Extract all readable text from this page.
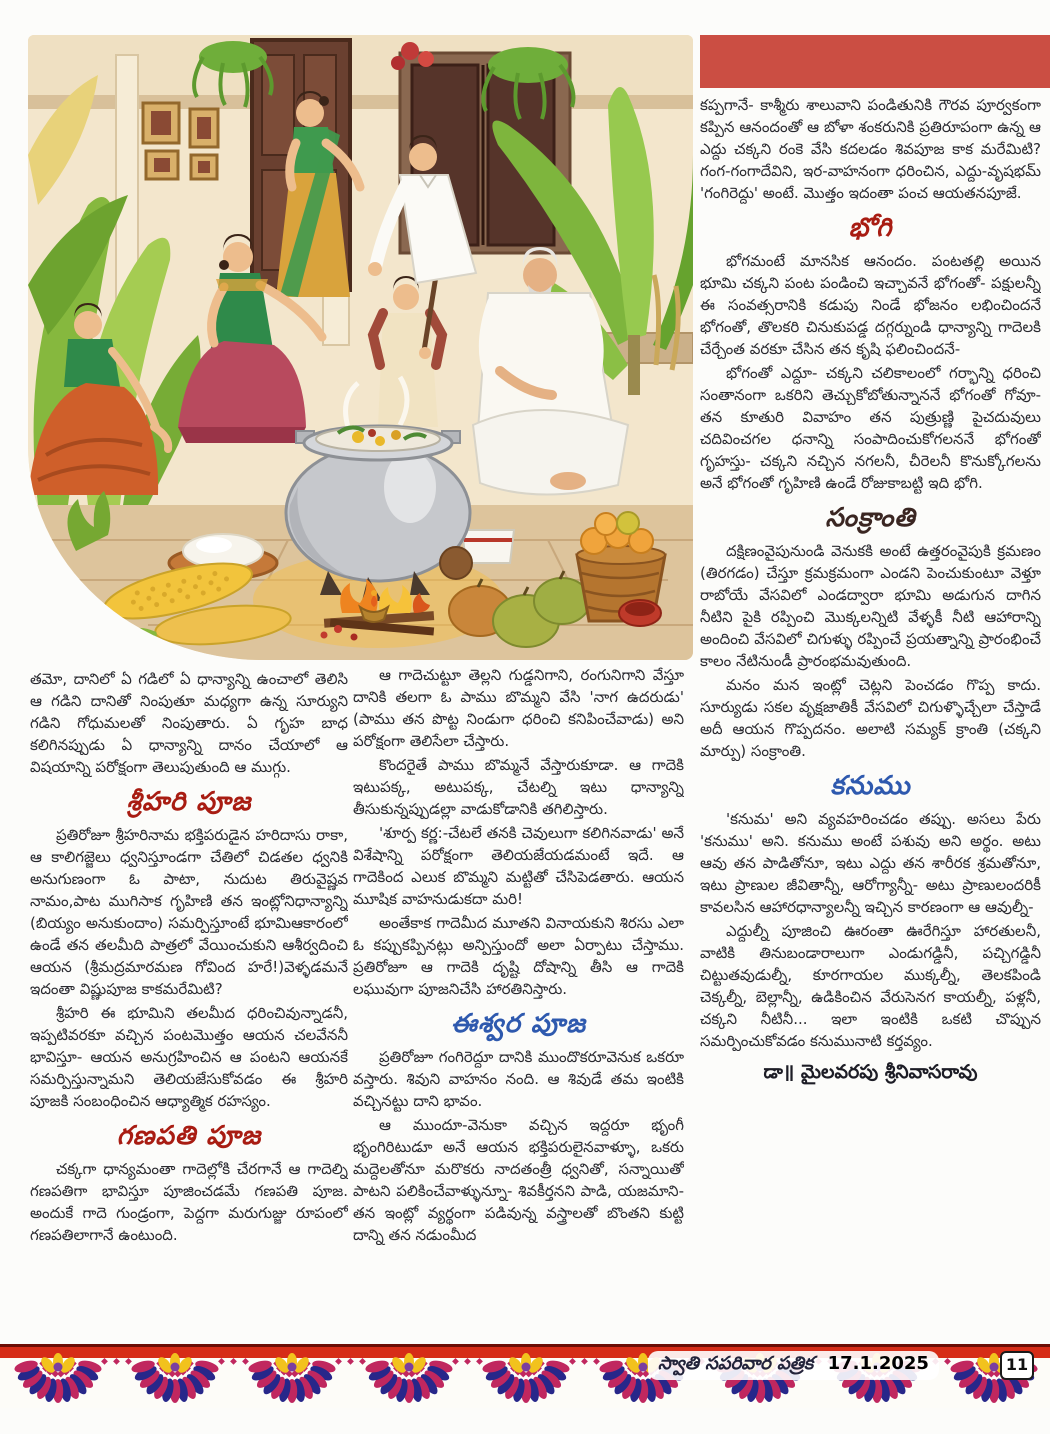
తమో, దానిలో ఏ గడిలో ఏ ధాన్యాన్ని ఉంచాలో తెలిసి ఆ గడిని దానితో నింపుతూ మధ్యగా ఉన్న సూర్యుని గడిని గోధుమలతో నింపుతారు. ఏ గృహ బాధ కలిగినప్పుడు ఏ ధాన్యాన్ని దానం చేయాలో ఆ విషయాన్ని పరోక్షంగా తెలుపుతుంది ఆ ముగ్గు.

శ్రీహరి పూజ

ప్రతిరోజూ శ్రీహరినామ భక్తిపరుడైన హరిదాసు రాకా, ఆ కాలిగజ్జెలు ధ్వనిస్తూండగా చేతిలో చిడతల ధ్వనికి అనుగుణంగా ఓ పాటా, నుదుట తిరువైష్ణవ నామం,పాట ముగిసాక గృహిణి తన ఇంట్లోనిధాన్యాన్ని (బియ్యం అనుకుందాం) సమర్పిస్తూంటే భూమిఆకారంలో ఉండే తన తలమీది పాత్రలో వేయించుకుని ఆశీర్వదించి ఆయన (శ్రీమద్రమారమణ గోవింద హరే!)వెళ్ళడమనే ఇదంతా విష్ణుపూజ కాకమరేమిటి?

శ్రీహరి ఈ భూమిని తలమీద ధరించివున్నాడనీ, ఇప్పటివరకూ వచ్చిన పంటమొత్తం ఆయన చలవేననీ భావిస్తూ- ఆయన అనుగ్రహించిన ఆ పంటని ఆయనకే సమర్పిస్తున్నామని తెలియజేసుకోవడం ఈ శ్రీహరి పూజకి సంబంధించిన ఆధ్యాత్మిక రహస్యం.

గణపతి పూజ

చక్కగా ధాన్యమంతా గాదెల్లోకి చేరగానే ఆ గాదెల్ని గణపతిగా భావిస్తూ పూజించడమే గణపతి పూజ. అందుకే గాదె గుండ్రంగా, పెద్దగా మరుగుజ్జు రూపంలో గణపతిలాగానే ఉంటుంది.

ఆ గాదెచుట్టూ తెల్లని గుడ్డనిగాని, రంగునిగాని వేస్తూ దానికి తలగా ఓ పాము బొమ్మని వేసి 'నాగ ఉదరుడు' (పాము తన పొట్ట నిండుగా ధరించి కనిపించేవాడు) అని పరోక్షంగా తెలిసేలా చేస్తారు.

కొందరైతే పాము బొమ్మనే వేస్తారుకూడా. ఆ గాదెకి ఇటుపక్క, అటుపక్క, చేటల్ని ఇటు ధాన్యాన్ని తీసుకున్నప్పుడల్లా వాడుకోడానికి తగిలిస్తారు.

'శూర్ప కర్ణ:-చేటలే తనకి చెవులుగా కలిగినవాడు' అనే విశేషాన్ని పరోక్షంగా తెలియజేయడమంటే ఇదే. ఆ గాదెకింద ఎలుక బొమ్మని మట్టితో చేసిపెడతారు. ఆయన మూషిక వాహనుడుకదా మరి!

అంతేకాక గాదెమీద మూతని వినాయకుని శిరసు ఎలా ఓ కప్పుకప్పినట్లు అన్పిస్తుందో అలా ఏర్పాటు చేస్తాము. ప్రతిరోజూ ఆ గాదెకి దృష్టి దోషాన్ని తీసి ఆ గాదెకి లఘువుగా పూజనిచేసి హారతినిస్తారు.

ఈశ్వర పూజ

ప్రతిరోజూ గంగిరెద్దూ దానికి ముందొకరూవెనుక ఒకరూ వస్తారు. శివుని వాహనం నంది. ఆ శివుడే తమ ఇంటికి వచ్చినట్టు దాని భావం.

ఆ ముందూ-వెనుకా వచ్చిన ఇద్దరూ భృంగీ భృంగిరిటుడూ అనే ఆయన భక్తిపరులైనవాళ్ళూ, ఒకరు మద్దెలతోనూ మరొకరు నాదతంత్రీ ధ్వనితో, సన్నాయితో పాటని పలికించేవాళ్ళున్నూ- శివకీర్తనని పాడి, యజమాని- తన ఇంట్లో వ్యర్థంగా పడివున్న వస్త్రాలతో బొంతని కుట్టి దాన్ని తన నడుంమీద

కప్పగానే- కాశ్మీరు శాలువాని పండితునికి గౌరవ పూర్వకంగా కప్పిన ఆనందంతో ఆ బోళా శంకరునికి ప్రతిరూపంగా ఉన్న ఆ ఎద్దు చక్కని రంకె వేసి కదలడం శివపూజ కాక మరేమిటి? గంగ-గంగాదేవిని, ఇర-వాహనంగా ధరించిన, ఎద్దు-వృషభమ్ 'గంగిరెద్దు' అంటే. మొత్తం ఇదంతా పంచ ఆయతనపూజే.

భోగి

భోగమంటే మానసిక ఆనందం. పంటతల్లి అయిన భూమి చక్కని పంట పండించి ఇచ్చావనే భోగంతో- పక్షులన్నీ ఈ సంవత్సరానికి కడుపు నిండే భోజనం లభించిందనే భోగంతో, తొలకరి చినుకుపడ్డ దగ్గర్నుండి ధాన్యాన్ని గాదెలకి చేర్చేంత వరకూ చేసిన తన కృషి ఫలించిందనే-

భోగంతో ఎద్దూ- చక్కని చలికాలంలో గర్భాన్ని ధరించి సంతానంగా ఒకరిని తెచ్చుకోబోతున్నాననే భోగంతో గోవూ- తన కూతురి వివాహం తన పుత్రుణ్ణి పైచదువులు చదివించగల ధనాన్ని సంపాదించుకోగలననే భోగంతో గృహస్తు- చక్కని నచ్చిన నగలనీ, చీరెలనీ కొనుక్కోగలను అనే భోగంతో గృహిణి ఉండే రోజుకాబట్టి ఇది భోగి.

సంక్రాంతి

దక్షిణంవైపునుండి వెనుకకి అంటే ఉత్తరంవైపుకి క్రమణం (తిరగడం) చేస్తూ క్రమక్రమంగా ఎండని పెంచుకుంటూ వెళ్తూ రాబోయే వేసవిలో ఎండద్వారా భూమి అడుగున దాగిన నీటిని పైకి రప్పించి మొక్కలన్నిటి వేళ్ళకీ నీటి ఆహారాన్ని అందించి వేసవిలో చిగుళ్ళు రప్పించే ప్రయత్నాన్ని ప్రారంభించే కాలం నేటినుండీ ప్రారంభమవుతుంది.

మనం మన ఇంట్లో చెట్లని పెంచడం గొప్ప కాదు. సూర్యుడు సకల వృక్షజాతికీ వేసవిలో చిగుళ్ళొచ్చేలా చేస్తాడే అదీ ఆయన గొప్పదనం. అలాటి సమ్యక్ క్రాంతి (చక్కని మార్పు) సంక్రాంతి.

కనుము

'కనుమ' అని వ్యవహరించడం తప్పు. అసలు పేరు 'కనుము' అని. కనుము అంటే పశువు అని అర్థం. అటు ఆవు తన పాడితోనూ, ఇటు ఎద్దు తన శారీరక శ్రమతోనూ, ఇటు ప్రాణుల జీవితాన్నీ, ఆరోగ్యాన్నీ- అటు ప్రాణులందరికీ కావలసిన ఆహారధాన్యాలన్నీ ఇచ్చిన కారణంగా ఆ ఆవుల్నీ-

ఎద్దుల్నీ పూజించి ఊరంతా ఊరేగిస్తూ హారతులనీ, వాటికి తినుబండారాలుగా ఎండుగడ్డినీ, పచ్చిగడ్డినీ చిట్టుతవుడుల్నీ, కూరగాయల ముక్కల్నీ, తెలకపిండి చెక్కల్నీ, బెల్లాన్నీ, ఉడికించిన వేరుసెనగ కాయల్నీ, పళ్లనీ, చక్కని నీటినీ... ఇలా ఇంటికి ఒకటి చొప్పున సమర్పించుకోవడం కనుమునాటి కర్తవ్యం.

డా॥ మైలవరపు శ్రీనివాసరావు
స్వాతి సపరివార పత్రిక 17.1.2025	11
